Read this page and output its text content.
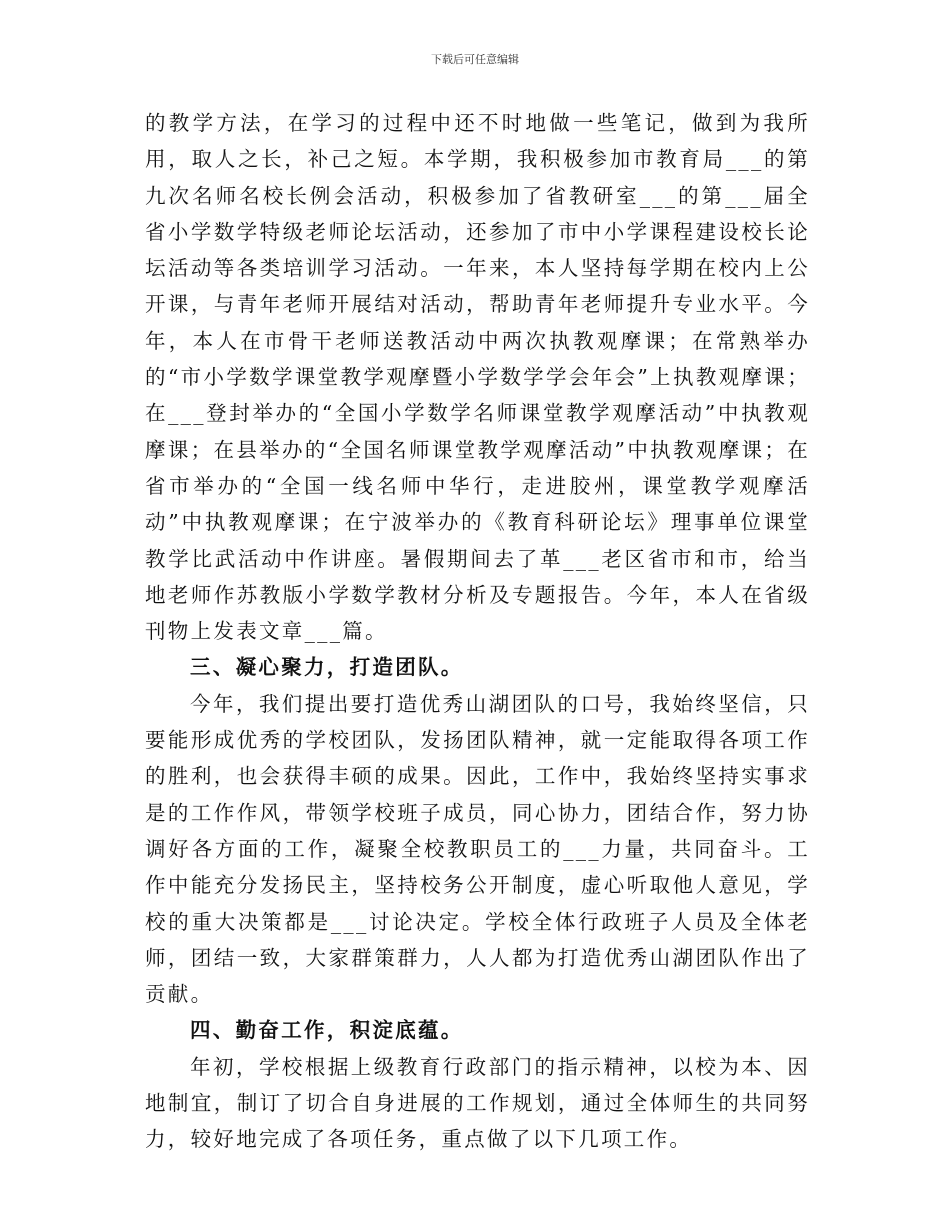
下载后可任意编辑

的教学方法，在学习的过程中还不时地做一些笔记，做到为我所用，取人之长，补己之短。本学期，我积极参加市教育局___的第九次名师名校长例会活动，积极参加了省教研室___的第___届全省小学数学特级老师论坛活动，还参加了市中小学课程建设校长论坛活动等各类培训学习活动。一年来，本人坚持每学期在校内上公开课，与青年老师开展结对活动，帮助青年老师提升专业水平。今年，本人在市骨干老师送教活动中两次执教观摩课；在常熟举办的“市小学数学课堂教学观摩暨小学数学学会年会”上执教观摩课；在___登封举办的“全国小学数学名师课堂教学观摩活动”中执教观摩课；在县举办的“全国名师课堂教学观摩活动”中执教观摩课；在省市举办的“全国一线名师中华行，走进胶州，课堂教学观摩活动”中执教观摩课；在宁波举办的《教育科研论坛》理事单位课堂教学比武活动中作讲座。暑假期间去了革___老区省市和市，给当地老师作苏教版小学数学教材分析及专题报告。今年，本人在省级刊物上发表文章___篇。

三、凝心聚力，打造团队。

今年，我们提出要打造优秀山湖团队的口号，我始终坚信，只要能形成优秀的学校团队，发扬团队精神，就一定能取得各项工作的胜利，也会获得丰硕的成果。因此，工作中，我始终坚持实事求是的工作作风，带领学校班子成员，同心协力，团结合作，努力协调好各方面的工作，凝聚全校教职员工的___力量，共同奋斗。工作中能充分发扬民主，坚持校务公开制度，虚心听取他人意见，学校的重大决策都是___讨论决定。学校全体行政班子人员及全体老师，团结一致，大家群策群力，人人都为打造优秀山湖团队作出了贡献。

四、勤奋工作，积淀底蕴。

年初，学校根据上级教育行政部门的指示精神，以校为本、因地制宜，制订了切合自身进展的工作规划，通过全体师生的共同努力，较好地完成了各项任务，重点做了以下几项工作。
